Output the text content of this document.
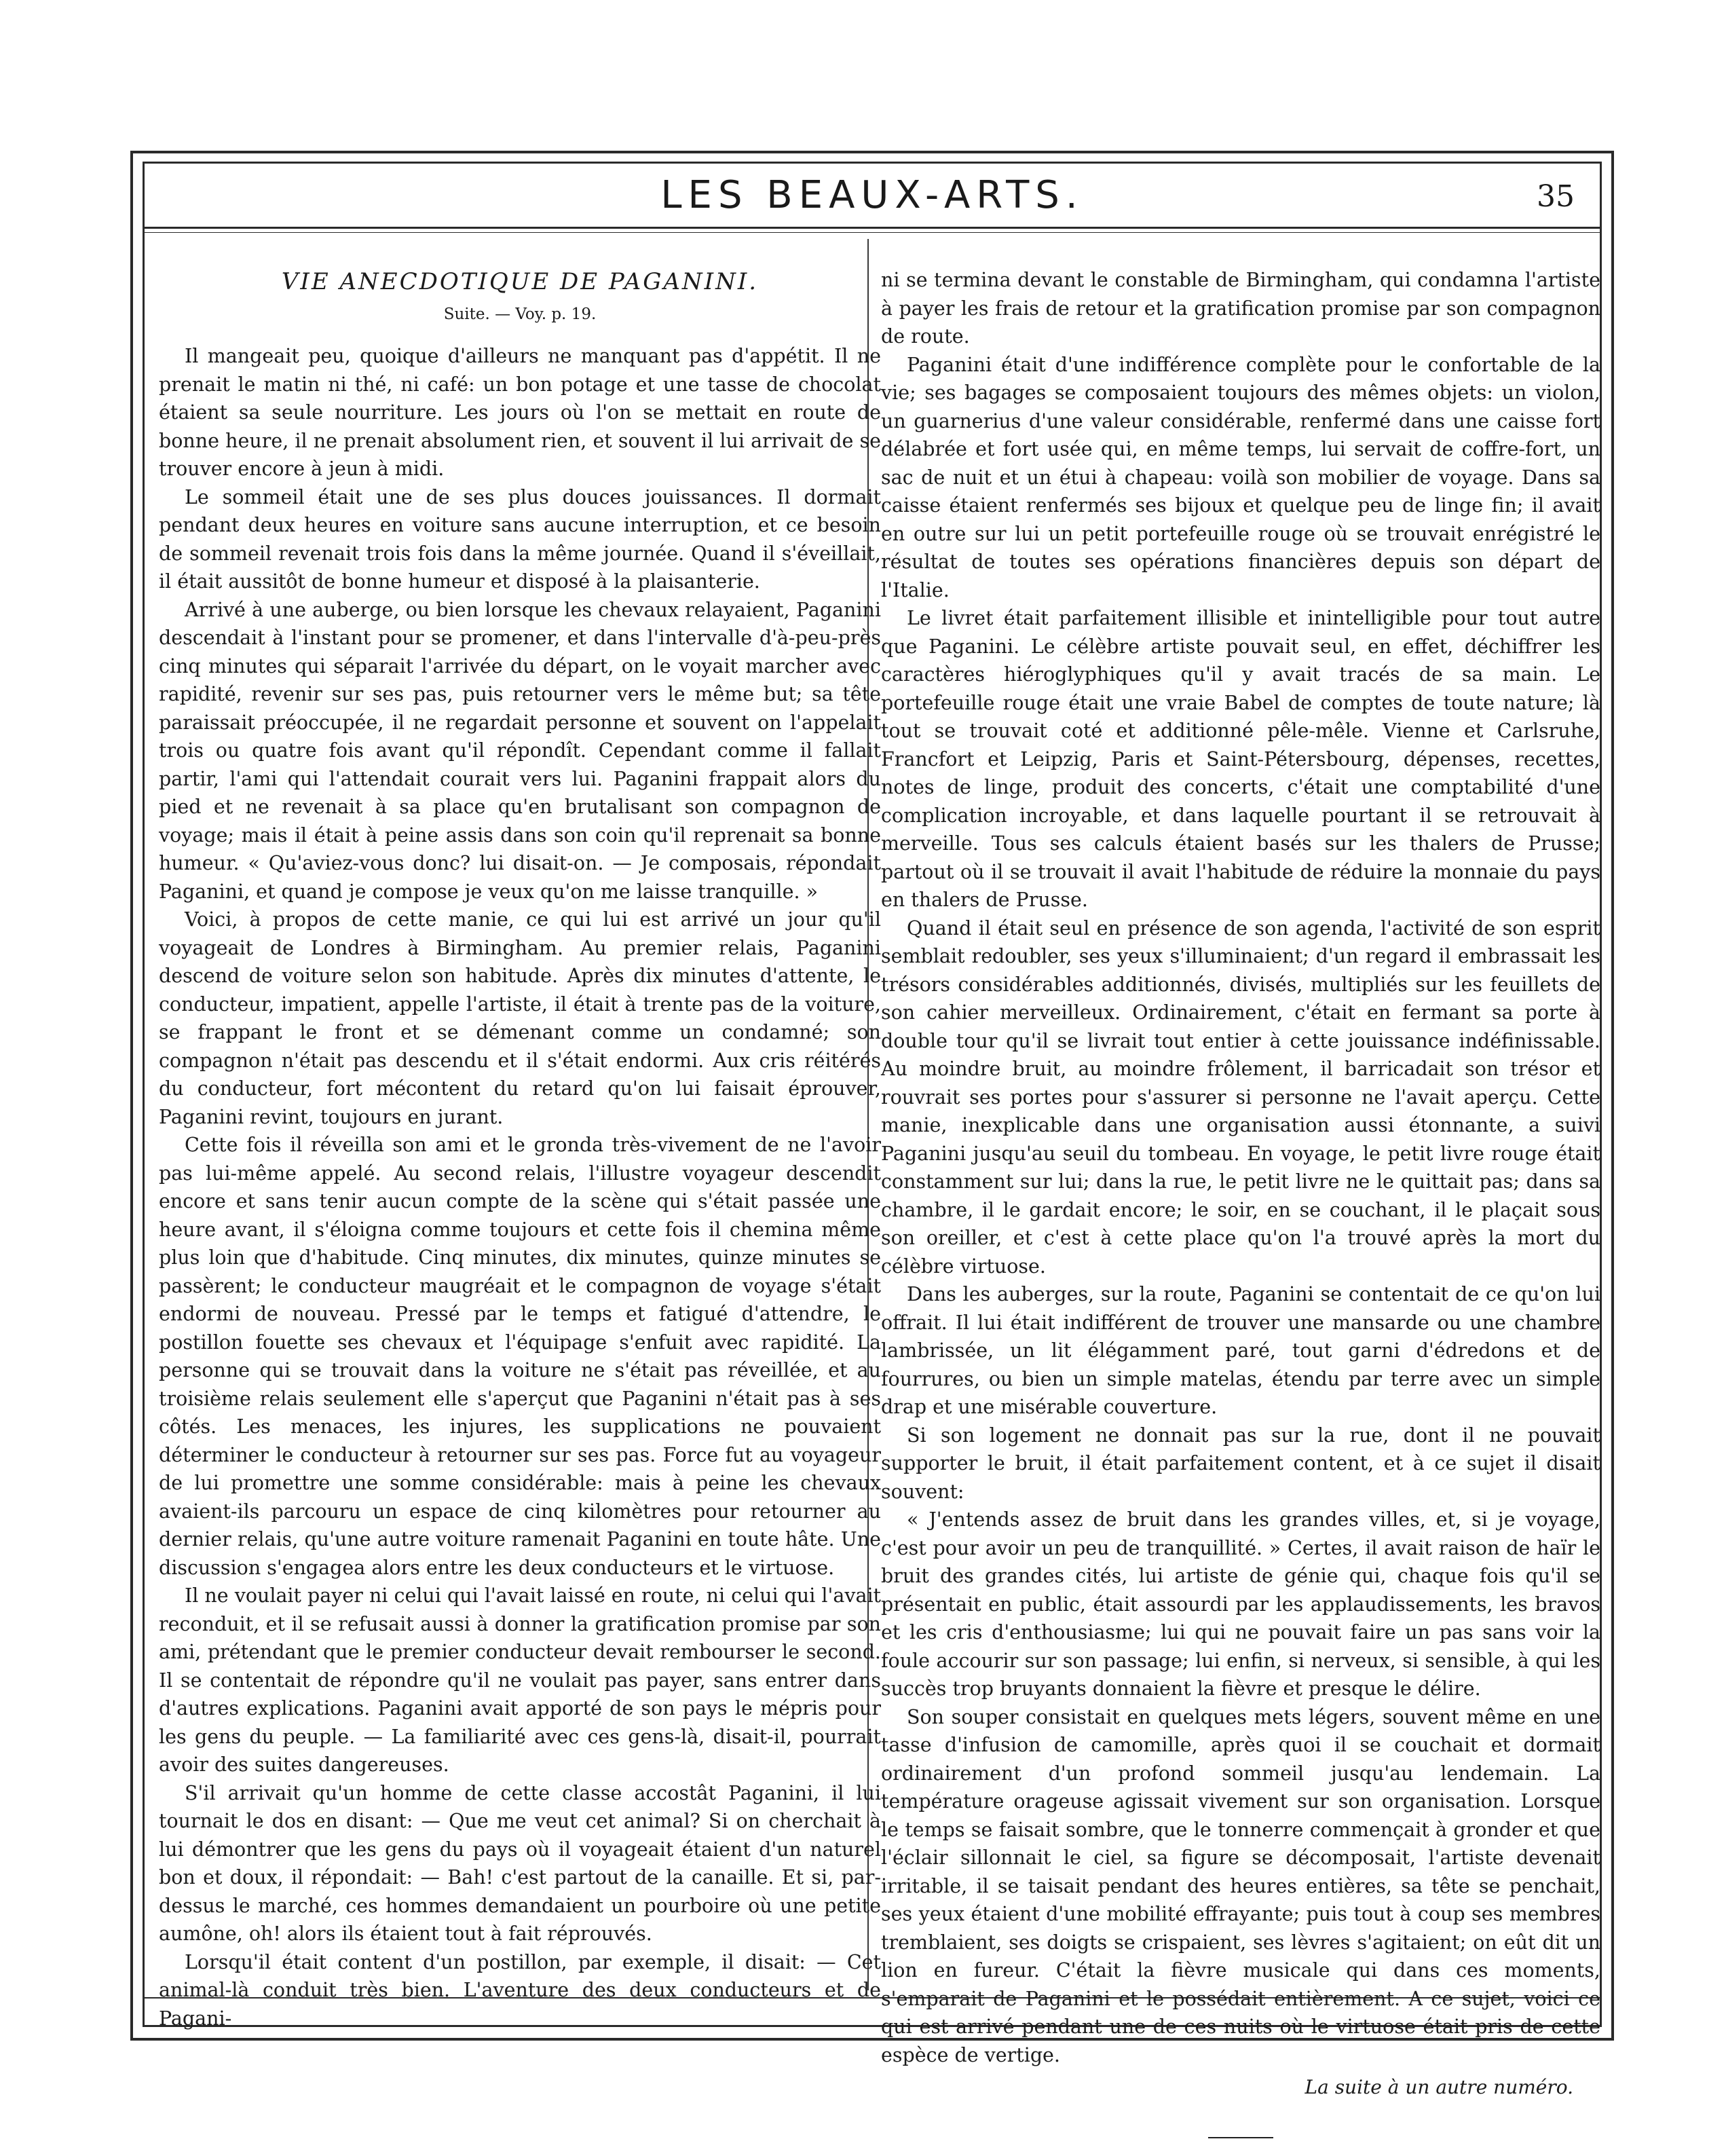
LES BEAUX-ARTS.	35
VIE ANECDOTIQUE DE PAGANINI.
Suite. — Voy. p. 19.

Il mangeait peu, quoique d'ailleurs ne manquant pas d'appétit. Il ne prenait le matin ni thé, ni café: un bon potage et une tasse de chocolat étaient sa seule nourriture. Les jours où l'on se mettait en route de bonne heure, il ne prenait absolument rien, et souvent il lui arrivait de se trouver encore à jeun à midi.

Le sommeil était une de ses plus douces jouissances. Il dormait pendant deux heures en voiture sans aucune interruption, et ce besoin de sommeil revenait trois fois dans la même journée. Quand il s'éveillait, il était aussitôt de bonne humeur et disposé à la plaisanterie.

Arrivé à une auberge, ou bien lorsque les chevaux relayaient, Paganini descendait à l'instant pour se promener, et dans l'intervalle d'à-peu-près cinq minutes qui séparait l'arrivée du départ, on le voyait marcher avec rapidité, revenir sur ses pas, puis retourner vers le même but; sa tête paraissait préoccupée, il ne regardait personne et souvent on l'appelait trois ou quatre fois avant qu'il répondît. Cependant comme il fallait partir, l'ami qui l'attendait courait vers lui. Paganini frappait alors du pied et ne revenait à sa place qu'en brutalisant son compagnon de voyage; mais il était à peine assis dans son coin qu'il reprenait sa bonne humeur. « Qu'aviez-vous donc? lui disait-on. — Je composais, répondait Paganini, et quand je compose je veux qu'on me laisse tranquille. »

Voici, à propos de cette manie, ce qui lui est arrivé un jour qu'il voyageait de Londres à Birmingham. Au premier relais, Paganini descend de voiture selon son habitude. Après dix minutes d'attente, le conducteur, impatient, appelle l'artiste, il était à trente pas de la voiture, se frappant le front et se démenant comme un condamné; son compagnon n'était pas descendu et il s'était endormi. Aux cris réitérés du conducteur, fort mécontent du retard qu'on lui faisait éprouver, Paganini revint, toujours en jurant.

Cette fois il réveilla son ami et le gronda très-vivement de ne l'avoir pas lui-même appelé. Au second relais, l'illustre voyageur descendit encore et sans tenir aucun compte de la scène qui s'était passée une heure avant, il s'éloigna comme toujours et cette fois il chemina même plus loin que d'habitude. Cinq minutes, dix minutes, quinze minutes se passèrent; le conducteur maugréait et le compagnon de voyage s'était endormi de nouveau. Pressé par le temps et fatigué d'attendre, le postillon fouette ses chevaux et l'équipage s'enfuit avec rapidité. La personne qui se trouvait dans la voiture ne s'était pas réveillée, et au troisième relais seulement elle s'aperçut que Paganini n'était pas à ses côtés. Les menaces, les injures, les supplications ne pouvaient déterminer le conducteur à retourner sur ses pas. Force fut au voyageur de lui promettre une somme considérable: mais à peine les chevaux avaient-ils parcouru un espace de cinq kilomètres pour retourner au dernier relais, qu'une autre voiture ramenait Paganini en toute hâte. Une discussion s'engagea alors entre les deux conducteurs et le virtuose.

Il ne voulait payer ni celui qui l'avait laissé en route, ni celui qui l'avait reconduit, et il se refusait aussi à donner la gratification promise par son ami, prétendant que le premier conducteur devait rembourser le second. Il se contentait de répondre qu'il ne voulait pas payer, sans entrer dans d'autres explications. Paganini avait apporté de son pays le mépris pour les gens du peuple. — La familiarité avec ces gens-là, disait-il, pourrait avoir des suites dangereuses.

S'il arrivait qu'un homme de cette classe accostât Paganini, il lui tournait le dos en disant: — Que me veut cet animal? Si on cherchait à lui démontrer que les gens du pays où il voyageait étaient d'un naturel bon et doux, il répondait: — Bah! c'est partout de la canaille. Et si, par-dessus le marché, ces hommes demandaient un pourboire où une petite aumône, oh! alors ils étaient tout à fait réprouvés.

Lorsqu'il était content d'un postillon, par exemple, il disait: — Cet animal-là conduit très bien. L'aventure des deux conducteurs et de Pagani-

ni se termina devant le constable de Birmingham, qui condamna l'artiste à payer les frais de retour et la gratification promise par son compagnon de route.

Paganini était d'une indifférence complète pour le confortable de la vie; ses bagages se composaient toujours des mêmes objets: un violon, un guarnerius d'une valeur considérable, renfermé dans une caisse fort délabrée et fort usée qui, en même temps, lui servait de coffre-fort, un sac de nuit et un étui à chapeau: voilà son mobilier de voyage. Dans sa caisse étaient renfermés ses bijoux et quelque peu de linge fin; il avait en outre sur lui un petit portefeuille rouge où se trouvait enrégistré le résultat de toutes ses opérations financières depuis son départ de l'Italie.

Le livret était parfaitement illisible et inintelligible pour tout autre que Paganini. Le célèbre artiste pouvait seul, en effet, déchiffrer les caractères hiéroglyphiques qu'il y avait tracés de sa main. Le portefeuille rouge était une vraie Babel de comptes de toute nature; là tout se trouvait coté et additionné pêle-mêle. Vienne et Carlsruhe, Francfort et Leipzig, Paris et Saint-Pétersbourg, dépenses, recettes, notes de linge, produit des concerts, c'était une comptabilité d'une complication incroyable, et dans laquelle pourtant il se retrouvait à merveille. Tous ses calculs étaient basés sur les thalers de Prusse; partout où il se trouvait il avait l'habitude de réduire la monnaie du pays en thalers de Prusse.

Quand il était seul en présence de son agenda, l'activité de son esprit semblait redoubler, ses yeux s'illuminaient; d'un regard il embrassait les trésors considérables additionnés, divisés, multipliés sur les feuillets de son cahier merveilleux. Ordinairement, c'était en fermant sa porte à double tour qu'il se livrait tout entier à cette jouissance indéfinissable. Au moindre bruit, au moindre frôlement, il barricadait son trésor et rouvrait ses portes pour s'assurer si personne ne l'avait aperçu. Cette manie, inexplicable dans une organisation aussi étonnante, a suivi Paganini jusqu'au seuil du tombeau. En voyage, le petit livre rouge était constamment sur lui; dans la rue, le petit livre ne le quittait pas; dans sa chambre, il le gardait encore; le soir, en se couchant, il le plaçait sous son oreiller, et c'est à cette place qu'on l'a trouvé après la mort du célèbre virtuose.

Dans les auberges, sur la route, Paganini se contentait de ce qu'on lui offrait. Il lui était indifférent de trouver une mansarde ou une chambre lambrissée, un lit élégamment paré, tout garni d'édredons et de fourrures, ou bien un simple matelas, étendu par terre avec un simple drap et une misérable couverture.

Si son logement ne donnait pas sur la rue, dont il ne pouvait supporter le bruit, il était parfaitement content, et à ce sujet il disait souvent:

« J'entends assez de bruit dans les grandes villes, et, si je voyage, c'est pour avoir un peu de tranquillité. » Certes, il avait raison de haïr le bruit des grandes cités, lui artiste de génie qui, chaque fois qu'il se présentait en public, était assourdi par les applaudissements, les bravos et les cris d'enthousiasme; lui qui ne pouvait faire un pas sans voir la foule accourir sur son passage; lui enfin, si nerveux, si sensible, à qui les succès trop bruyants donnaient la fièvre et presque le délire.

Son souper consistait en quelques mets légers, souvent même en une tasse d'infusion de camomille, après quoi il se couchait et dormait ordinairement d'un profond sommeil jusqu'au lendemain. La température orageuse agissait vivement sur son organisation. Lorsque le temps se faisait sombre, que le tonnerre commençait à gronder et que l'éclair sillonnait le ciel, sa figure se décomposait, l'artiste devenait irritable, il se taisait pendant des heures entières, sa tête se penchait, ses yeux étaient d'une mobilité effrayante; puis tout à coup ses membres tremblaient, ses doigts se crispaient, ses lèvres s'agitaient; on eût dit un lion en fureur. C'était la fièvre musicale qui dans ces moments, s'emparait de Paganini et le possédait entièrement. A ce sujet, voici ce qui est arrivé pendant une de ces nuits où le virtuose était pris de cette espèce de vertige.

La suite à un autre numéro.
